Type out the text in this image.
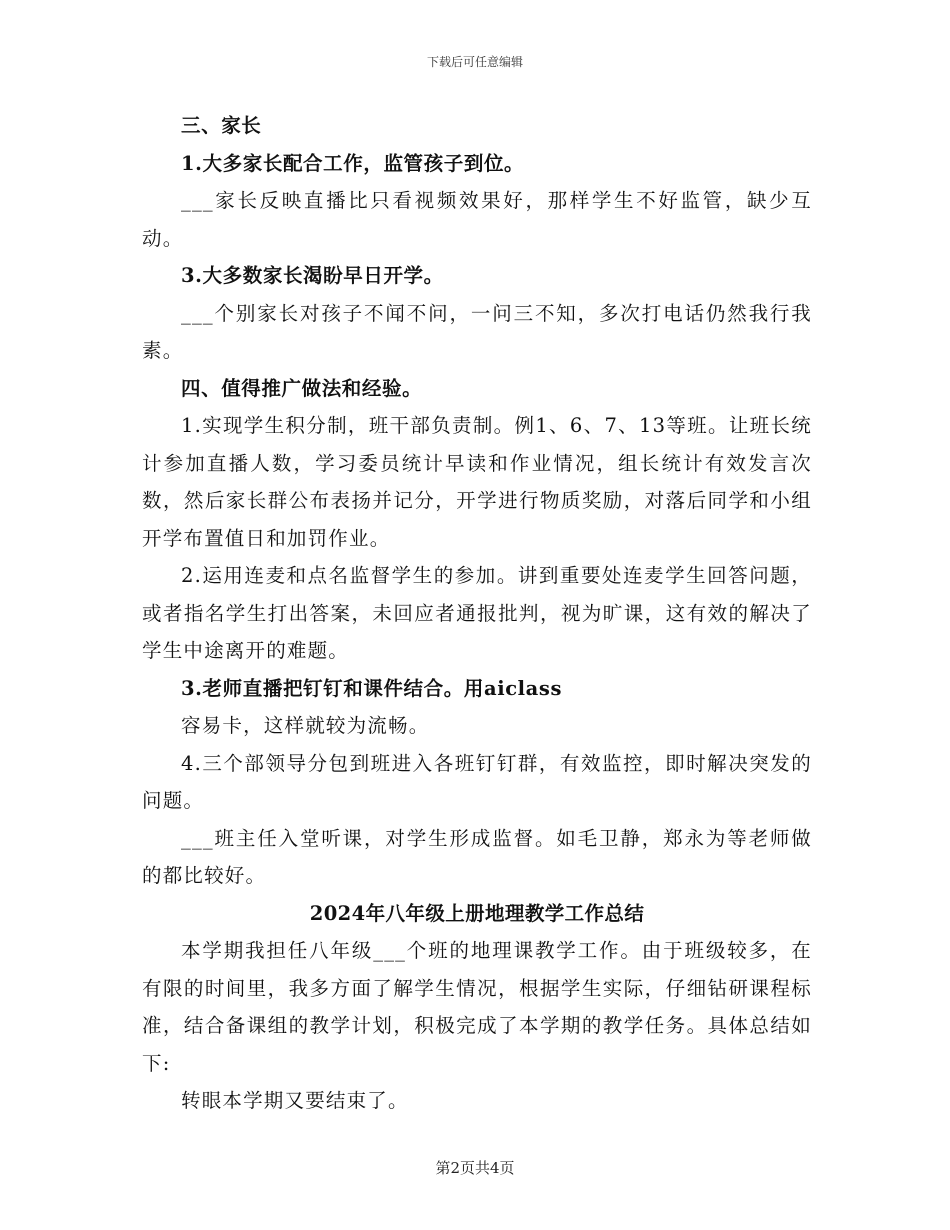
下载后可任意编辑

三、家长

1.大多家长配合工作，监管孩子到位。

___家长反映直播比只看视频效果好，那样学生不好监管，缺少互动。

3.大多数家长渴盼早日开学。

___个别家长对孩子不闻不问，一问三不知，多次打电话仍然我行我素。

四、值得推广做法和经验。

1.实现学生积分制，班干部负责制。例1、6、7、13等班。让班长统计参加直播人数，学习委员统计早读和作业情况，组长统计有效发言次数，然后家长群公布表扬并记分，开学进行物质奖励，对落后同学和小组开学布置值日和加罚作业。

2.运用连麦和点名监督学生的参加。讲到重要处连麦学生回答问题，或者指名学生打出答案，未回应者通报批判，视为旷课，这有效的解决了学生中途离开的难题。

3.老师直播把钉钉和课件结合。用aiclass

容易卡，这样就较为流畅。

4.三个部领导分包到班进入各班钉钉群，有效监控，即时解决突发的问题。

___班主任入堂听课，对学生形成监督。如毛卫静，郑永为等老师做的都比较好。

2024年八年级上册地理教学工作总结

本学期我担任八年级___个班的地理课教学工作。由于班级较多，在有限的时间里，我多方面了解学生情况，根据学生实际，仔细钻研课程标准，结合备课组的教学计划，积极完成了本学期的教学任务。具体总结如下:

转眼本学期又要结束了。

第2页共4页
